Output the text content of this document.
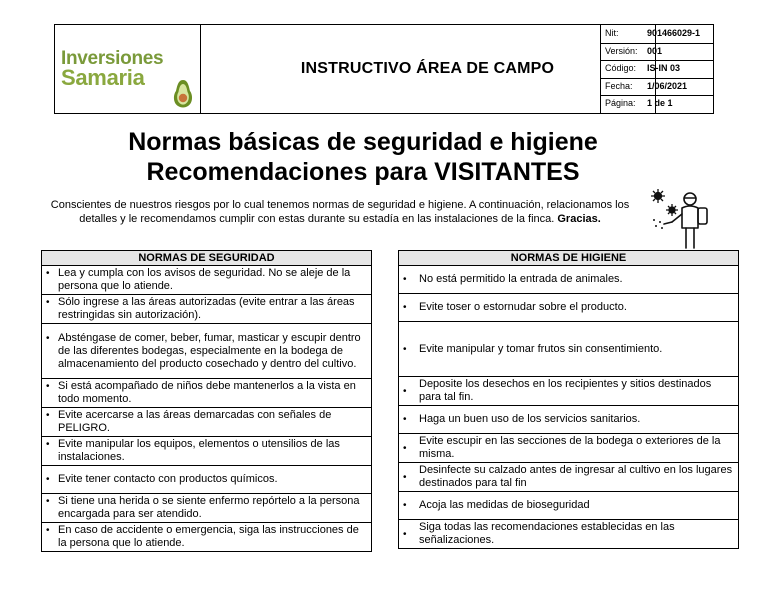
Inversiones
Samaria	INSTRUCTIVO ÁREA DE CAMPO
Nit:	901466029-1
Versión: 001
Código: IS-IN 03
Fecha: 1/06/2021
Página: 1 de 1
Normas básicas de seguridad e higiene
Recomendaciones para VISITANTES
Conscientes de nuestros riesgos por lo cual tenemos normas de seguridad e higiene. A continuación, relacionamos los detalles y le recomendamos cumplir con estas durante su estadía en las instalaciones de la finca. Gracias.
NORMAS DE SEGURIDAD

• Lea y cumpla con los avisos de seguridad. No se aleje de la persona que lo atiende.

• Sólo ingrese a las áreas autorizadas (evite entrar a las áreas restringidas sin autorización).

• Absténgase de comer, beber, fumar, masticar y escupir dentro de las diferentes bodegas, especialmente en la bodega de almacenamiento del producto cosechado y dentro del cultivo.

• Si está acompañado de niños debe mantenerlos a la vista en todo momento.

• Evite acercarse a las áreas demarcadas con señales de PELIGRO.

• Evite manipular los equipos, elementos o utensilios de las instalaciones.

• Evite tener contacto con productos químicos.

• Si tiene una herida o se siente enfermo repórtelo a la persona encargada para ser atendido.

• En caso de accidente o emergencia, siga las instrucciones de la persona que lo atiende.
NORMAS DE HIGIENE

•	No está permitido la entrada de animales.

•	Evite toser o estornudar sobre el producto.

•	Evite manipular y tomar frutos sin consentimiento.

•
Deposite los desechos en los recipientes y sitios destinados para tal fin.

•	Haga un buen uso de los servicios sanitarios.

•
Evite escupir en las secciones de la bodega o exteriores de la misma.

•
Desinfecte su calzado antes de ingresar al cultivo en los lugares destinados para tal fin

•	Acoja las medidas de bioseguridad

•
Siga todas las recomendaciones establecidas en las señalizaciones.
